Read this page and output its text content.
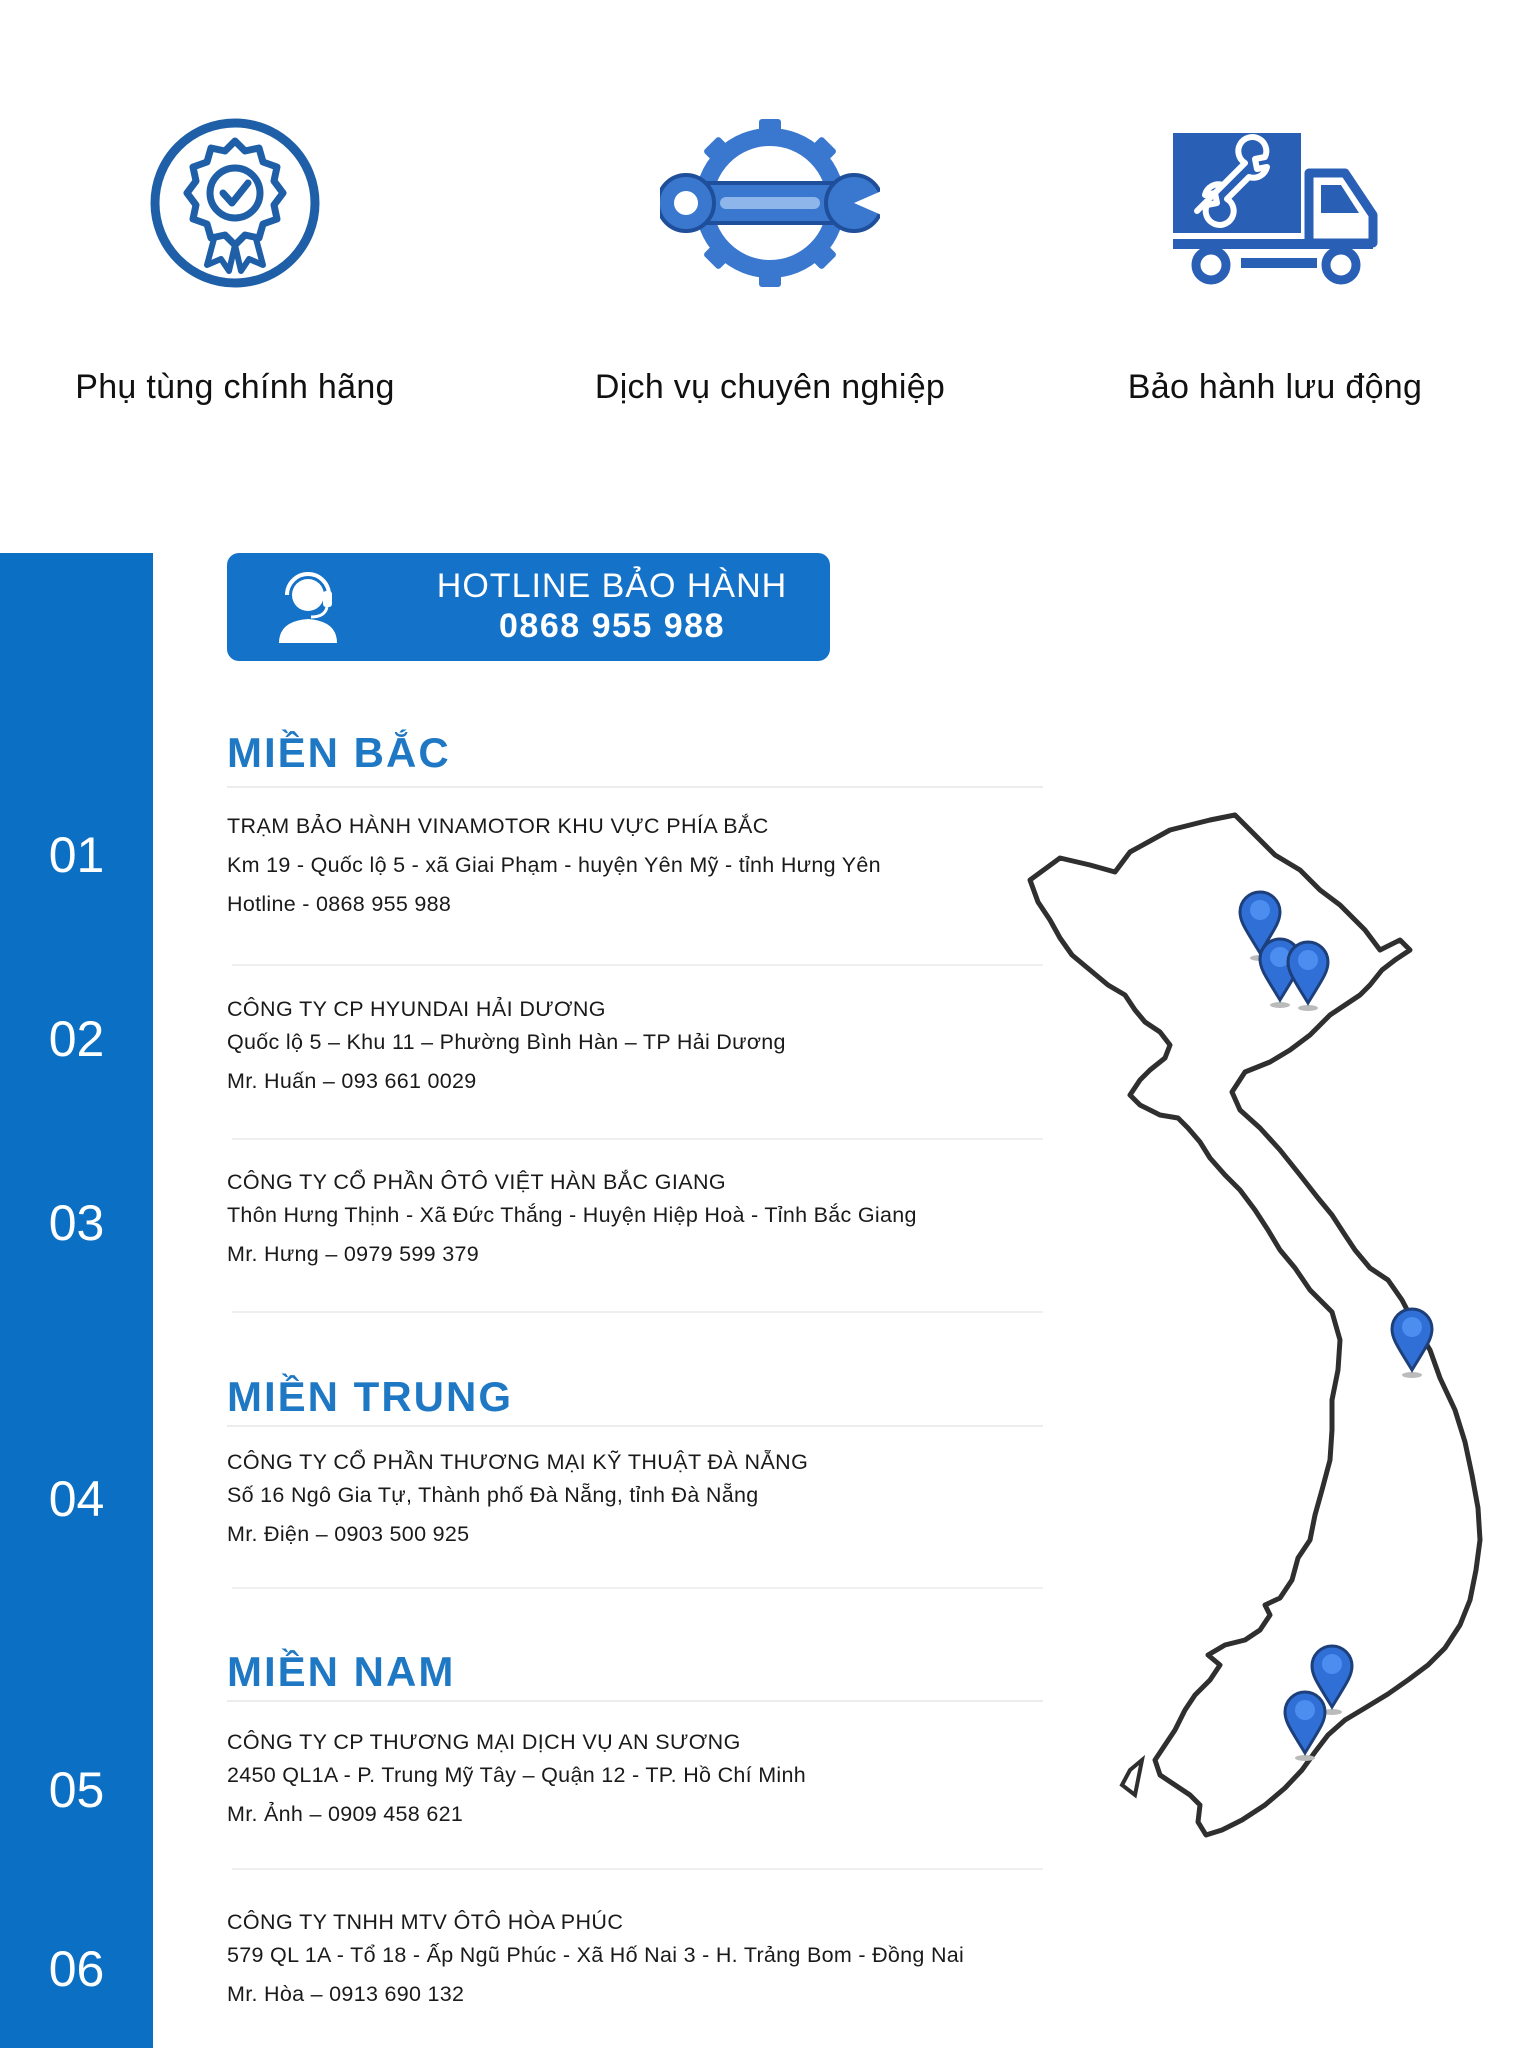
Phụ tùng chính hãng	Dịch vụ chuyên nghiệp	Bảo hành lưu động
01
02
03
04
05
06
HOTLINE BẢO HÀNH
0868 955 988
MIỀN BẮC
TRẠM BẢO HÀNH VINAMOTOR KHU VỰC PHÍA BẮC
Km 19 - Quốc lộ 5 - xã Giai Phạm - huyện Yên Mỹ - tỉnh Hưng Yên
Hotline - 0868 955 988
CÔNG TY CP HYUNDAI HẢI DƯƠNG
Quốc lộ 5 – Khu 11 – Phường Bình Hàn – TP Hải Dương
Mr. Huấn – 093 661 0029
CÔNG TY CỔ PHẦN ÔTÔ VIỆT HÀN BẮC GIANG
Thôn Hưng Thịnh - Xã Đức Thắng - Huyện Hiệp Hoà - Tỉnh Bắc Giang
Mr. Hưng – 0979 599 379
MIỀN TRUNG
CÔNG TY CỔ PHẦN THƯƠNG MẠI KỸ THUẬT ĐÀ NẴNG
Số 16 Ngô Gia Tự, Thành phố Đà Nẵng, tỉnh Đà Nẵng
Mr. Điện – 0903 500 925
MIỀN NAM
CÔNG TY CP THƯƠNG MẠI DỊCH VỤ AN SƯƠNG
2450 QL1A - P. Trung Mỹ Tây – Quận 12 - TP. Hồ Chí Minh
Mr. Ảnh – 0909 458 621
CÔNG TY TNHH MTV ÔTÔ HÒA PHÚC
579 QL 1A - Tổ 18 - Ấp Ngũ Phúc - Xã Hố Nai 3 - H. Trảng Bom - Đồng Nai
Mr. Hòa – 0913 690 132
